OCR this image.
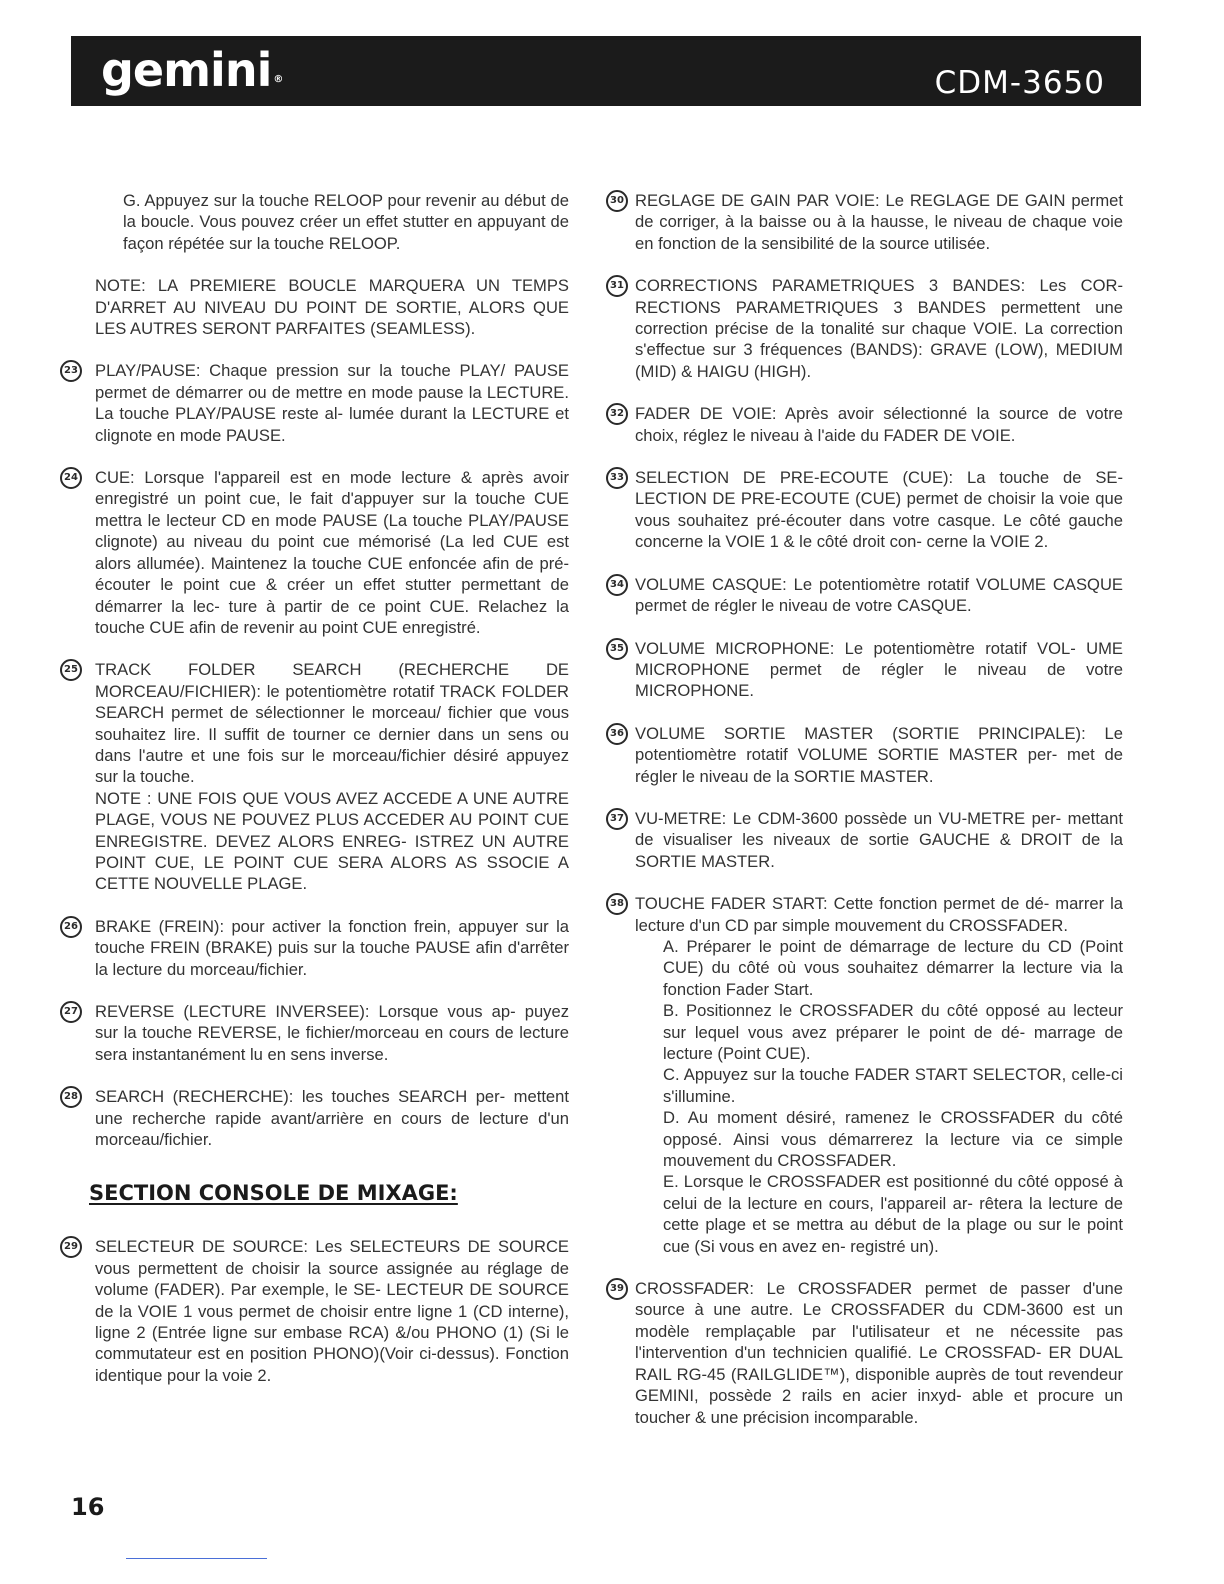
gemini ®	CDM-3650

G. Appuyez sur la touche RELOOP pour revenir au début de la boucle. Vous pouvez créer un effet stutter en appuyant de façon répétée sur la touche RELOOP.

NOTE: LA PREMIERE BOUCLE MARQUERA UN TEMPS D'ARRET AU NIVEAU DU POINT DE SORTIE, ALORS QUE LES AUTRES SERONT PARFAITES (SEAMLESS).

23 PLAY/PAUSE: Chaque pression sur la touche PLAY/ PAUSE permet de démarrer ou de mettre en mode pause la LECTURE. La touche PLAY/PAUSE reste al- lumée durant la LECTURE et clignote en mode PAUSE.

24 CUE: Lorsque l'appareil est en mode lecture & après avoir enregistré un point cue, le fait d'appuyer sur la touche CUE mettra le lecteur CD en mode PAUSE (La touche PLAY/PAUSE clignote) au niveau du point cue mémorisé (La led CUE est alors allumée). Maintenez la touche CUE enfoncée afin de pré-écouter le point cue & créer un effet stutter permettant de démarrer la lec- ture à partir de ce point CUE. Relachez la touche CUE afin de revenir au point CUE enregistré.

25 TRACK FOLDER SEARCH (RECHERCHE DE MORCEAU/FICHIER): le potentiomètre rotatif TRACK FOLDER SEARCH permet de sélectionner le morceau/ fichier que vous souhaitez lire. Il suffit de tourner ce dernier dans un sens ou dans l'autre et une fois sur le morceau/fichier désiré appuyez sur la touche.

NOTE : UNE FOIS QUE VOUS AVEZ ACCEDE A UNE AUTRE PLAGE, VOUS NE POUVEZ PLUS ACCEDER AU POINT CUE ENREGISTRE. DEVEZ ALORS ENREG- ISTREZ UN AUTRE POINT CUE, LE POINT CUE SERA ALORS AS SSOCIE A CETTE NOUVELLE PLAGE.

26 BRAKE (FREIN): pour activer la fonction frein, appuyer sur la touche FREIN (BRAKE) puis sur la touche PAUSE afin d'arrêter la lecture du morceau/fichier.

27 REVERSE (LECTURE INVERSEE): Lorsque vous ap- puyez sur la touche REVERSE, le fichier/morceau en cours de lecture sera instantanément lu en sens inverse.

28 SEARCH (RECHERCHE): les touches SEARCH per- mettent une recherche rapide avant/arrière en cours de lecture d'un morceau/fichier.

SECTION CONSOLE DE MIXAGE:
29 SELECTEUR DE SOURCE: Les SELECTEURS DE SOURCE vous permettent de choisir la source assignée au réglage de volume (FADER). Par exemple, le SE- LECTEUR DE SOURCE de la VOIE 1 vous permet de choisir entre ligne 1 (CD interne), ligne 2 (Entrée ligne sur embase RCA) &/ou PHONO (1) (Si le commutateur est en position PHONO)(Voir ci-dessus). Fonction identique pour la voie 2.

30 REGLAGE DE GAIN PAR VOIE: Le REGLAGE DE GAIN permet de corriger, à la baisse ou à la hausse, le niveau de chaque voie en fonction de la sensibilité de la source utilisée.

31 CORRECTIONS PARAMETRIQUES 3 BANDES: Les COR- RECTIONS PARAMETRIQUES 3 BANDES permettent une correction précise de la tonalité sur chaque VOIE. La correction s'effectue sur 3 fréquences (BANDS): GRAVE (LOW), MEDIUM (MID) & HAIGU (HIGH).

32 FADER DE VOIE: Après avoir sélectionné la source de votre choix, réglez le niveau à l'aide du FADER DE VOIE.

33 SELECTION DE PRE-ECOUTE (CUE): La touche de SE- LECTION DE PRE-ECOUTE (CUE) permet de choisir la voie que vous souhaitez pré-écouter dans votre casque. Le côté gauche concerne la VOIE 1 & le côté droit con- cerne la VOIE 2.

34 VOLUME CASQUE: Le potentiomètre rotatif VOLUME CASQUE permet de régler le niveau de votre CASQUE.

35 VOLUME MICROPHONE: Le potentiomètre rotatif VOL- UME MICROPHONE permet de régler le niveau de votre MICROPHONE.

36 VOLUME SORTIE MASTER (SORTIE PRINCIPALE): Le potentiomètre rotatif VOLUME SORTIE MASTER per- met de régler le niveau de la SORTIE MASTER.

37 VU-METRE: Le CDM-3600 possède un VU-METRE per- mettant de visualiser les niveaux de sortie GAUCHE & DROIT de la SORTIE MASTER.

38 TOUCHE FADER START: Cette fonction permet de dé- marrer la lecture d'un CD par simple mouvement du CROSSFADER.

A. Préparer le point de démarrage de lecture du CD (Point CUE) du côté où vous souhaitez démarrer la lecture via la fonction Fader Start.

B. Positionnez le CROSSFADER du côté opposé au lecteur sur lequel vous avez préparer le point de dé- marrage de lecture (Point CUE).

C. Appuyez sur la touche FADER START SELECTOR, celle-ci s'illumine.

D. Au moment désiré, ramenez le CROSSFADER du côté opposé. Ainsi vous démarrerez la lecture via ce simple mouvement du CROSSFADER.

E. Lorsque le CROSSFADER est positionné du côté opposé à celui de la lecture en cours, l'appareil ar- rêtera la lecture de cette plage et se mettra au début de la plage ou sur le point cue (Si vous en avez en- registré un).

39 CROSSFADER: Le CROSSFADER permet de passer d'une source à une autre. Le CROSSFADER du CDM-3600 est un modèle remplaçable par l'utilisateur et ne nécessite pas l'intervention d'un technicien qualifié. Le CROSSFAD- ER DUAL RAIL RG-45 (RAILGLIDE™), disponible auprès de tout revendeur GEMINI, possède 2 rails en acier inxyd- able et procure un toucher & une précision incomparable.

16
